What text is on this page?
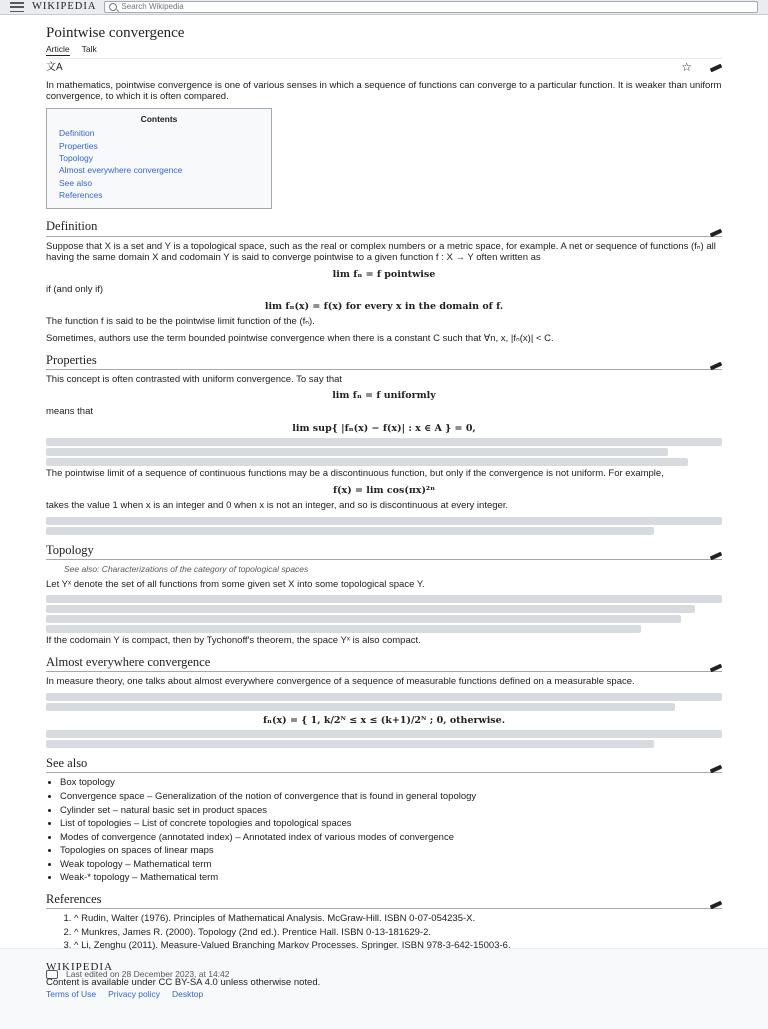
WIKIPEDIA	Search Wikipedia
Pointwise convergence
Article Talk
文A	☆

In mathematics, pointwise convergence is one of various senses in which a sequence of functions can converge to a particular function. It is weaker than uniform convergence, to which it is often compared.

Contents
Definition
Properties
Topology
Almost everywhere convergence
See also
References
Definition

Suppose that X is a set and Y is a topological space, such as the real or complex numbers or a metric space, for example. A net or sequence of functions (fₙ) all having the same domain X and codomain Y is said to converge pointwise to a given function f : X → Y often written as

lim fₙ = f pointwise

if (and only if)

lim fₙ(x) = f(x) for every x in the domain of f.

The function f is said to be the pointwise limit function of the (fₙ).

Sometimes, authors use the term bounded pointwise convergence when there is a constant C such that ∀n, x, |fₙ(x)| < C.

Properties

This concept is often contrasted with uniform convergence. To say that

lim fₙ = f uniformly

means that

lim sup{ |fₙ(x) − f(x)| : x ∈ A } = 0,

The pointwise limit of a sequence of continuous functions may be a discontinuous function, but only if the convergence is not uniform. For example,

f(x) = lim cos(πx)²ⁿ

takes the value 1 when x is an integer and 0 when x is not an integer, and so is discontinuous at every integer.

Topology
See also: Characterizations of the category of topological spaces

Let Yˣ denote the set of all functions from some given set X into some topological space Y.

If the codomain Y is compact, then by Tychonoff's theorem, the space Yˣ is also compact.

Almost everywhere convergence

In measure theory, one talks about almost everywhere convergence of a sequence of measurable functions defined on a measurable space.

fₙ(x) = { 1, k/2ᴺ ≤ x ≤ (k+1)/2ᴺ ; 0, otherwise.
See also
• Box topology
• Convergence space – Generalization of the notion of convergence that is found in general topology
• Cylinder set – natural basic set in product spaces
• List of topologies – List of concrete topologies and topological spaces
• Modes of convergence (annotated index) – Annotated index of various modes of convergence
• Topologies on spaces of linear maps
• Weak topology – Mathematical term
• Weak-* topology – Mathematical term
References
1. ^ Rudin, Walter (1976). Principles of Mathematical Analysis. McGraw-Hill. ISBN 0-07-054235-X.
2. ^ Munkres, James R. (2000). Topology (2nd ed.). Prentice Hall. ISBN 0-13-181629-2.
3. ^ Li, Zenghu (2011). Measure-Valued Branching Markov Processes. Springer. ISBN 978-3-642-15003-6.
Last edited on 28 December 2023, at 14:42
WIKIPEDIA
Content is available under CC BY-SA 4.0 unless otherwise noted.
Terms of Use Privacy policy Desktop
